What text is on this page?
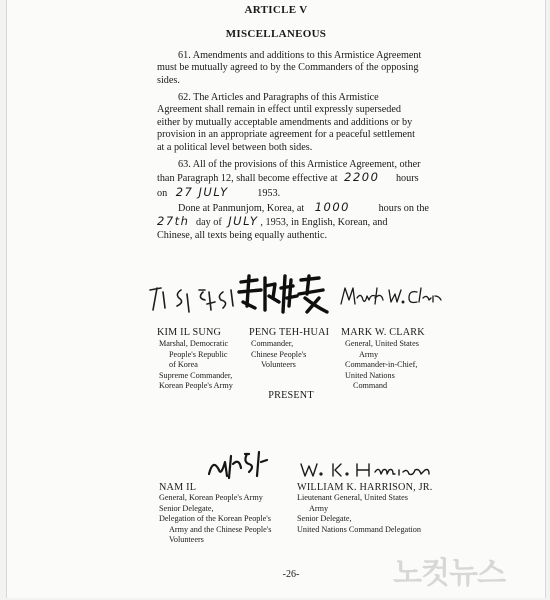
ARTICLE V
MISCELLANEOUS
61. Amendments and additions to this Armistice Agreement
must be mutually agreed to by the Commanders of the opposing
sides.
62. The Articles and Paragraphs of this Armistice
Agreement shall remain in effect until expressly superseded
either by mutually acceptable amendments and additions or by
provision in an appropriate agreement for a peaceful settlement
at a political level between both sides.
63. All of the provisions of this Armistice Agreement, other
than Paragraph 12, shall become effective at 2200 hours
on 27 JULY	1953.
Done at Panmunjom, Korea, at 1000	hours on the
27th day of JULY , 1953, in English, Korean, and
Chinese, all texts being equally authentic.
KIM IL SUNG
Marshal, Democratic
People's Republic
of Korea
Supreme Commander,
Korean People's Army
PENG TEH-HUAI
Commander,
Chinese People's
Volunteers
MARK W. CLARK
General, United States
Army
Commander-in-Chief,
United Nations
Command
PRESENT
NAM IL
General, Korean People's Army
Senior Delegate,
Delegation of the Korean People's
Army and the Chinese People's
Volunteers
WILLIAM K. HARRISON, JR.
Lieutenant General, United States
Army
Senior Delegate,
United Nations Command Delegation
-26-	노컷뉴스
